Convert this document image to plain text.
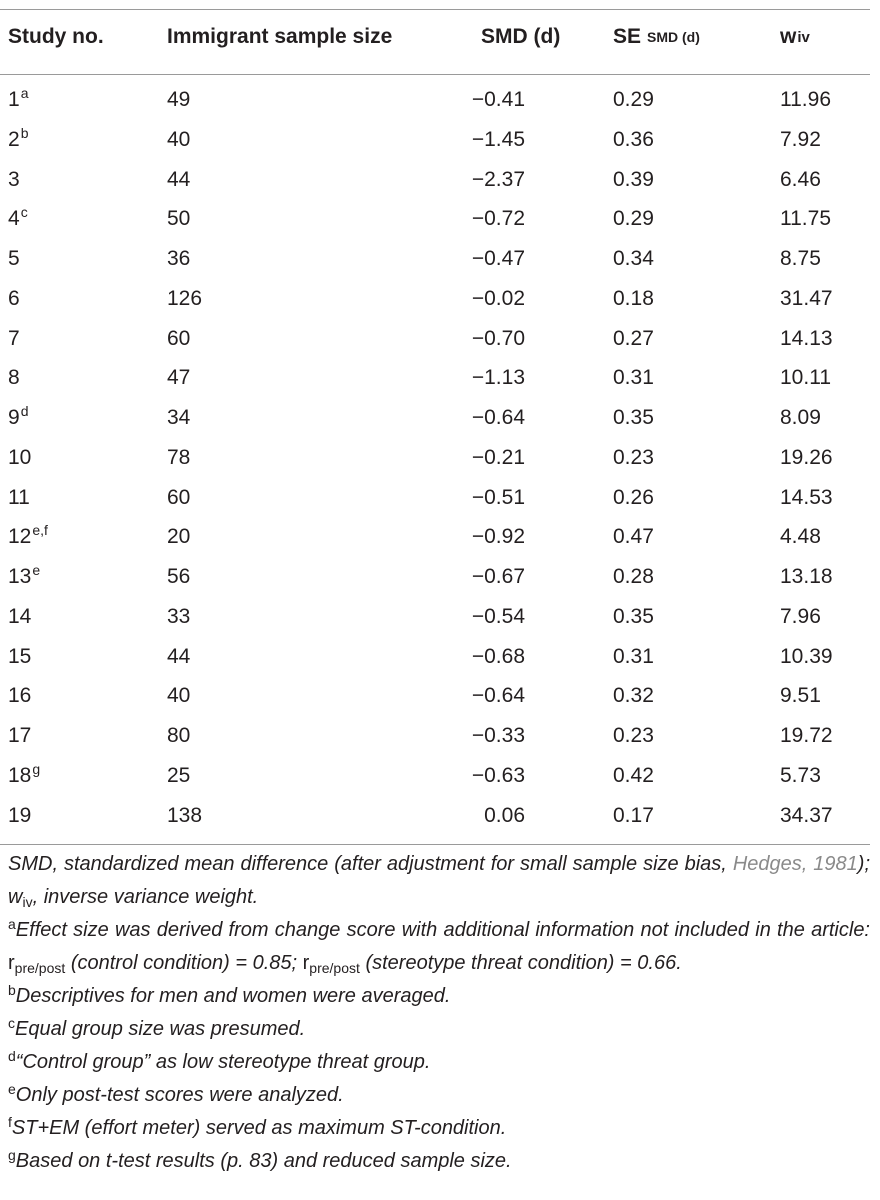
Study no.	Immigrant sample size	SMD (d)	SE SMD (d)	w iv
1$^a$	49	−0.41	0.29	11.96
2$^b$	40	−1.45	0.36	7.92
3	44	−2.37	0.39	6.46
4$^c$	50	−0.72	0.29	11.75
5	36	−0.47	0.34	8.75
6	126	−0.02	0.18	31.47
7	60	−0.70	0.27	14.13
8	47	−1.13	0.31	10.11
9$^d$	34	−0.64	0.35	8.09
10	78	−0.21	0.23	19.26
11	60	−0.51	0.26	14.53
12$^{e,f}$	20	−0.92	0.47	4.48
13e	56	−0.67	0.28	13.18
14	33	−0.54	0.35	7.96
15	44	−0.68	0.31	10.39
16	40	−0.64	0.32	9.51
17	80	−0.33	0.23	19.72
18$^g$	25	−0.63	0.42	5.73
19	138	0.06	0.17	34.37

SMD, standardized mean difference (after adjustment for small sample size bias, Hedges, 1981); $w_{iv}$, inverse variance weight.

$^a$Effect size was derived from change score with additional information not included in the article: $r_{pre/post}$ (control condition) = 0.85; $r_{pre/post}$ (stereotype threat condition) = 0.66.

$^b$Descriptives for men and women were averaged.

$^c$Equal group size was presumed.

$^d$“Control group” as low stereotype threat group.

$^e$Only post-test scores were analyzed.

$^f$ST+EM (effort meter) served as maximum ST-condition.

$^g$Based on t-test results (p. 83) and reduced sample size.
